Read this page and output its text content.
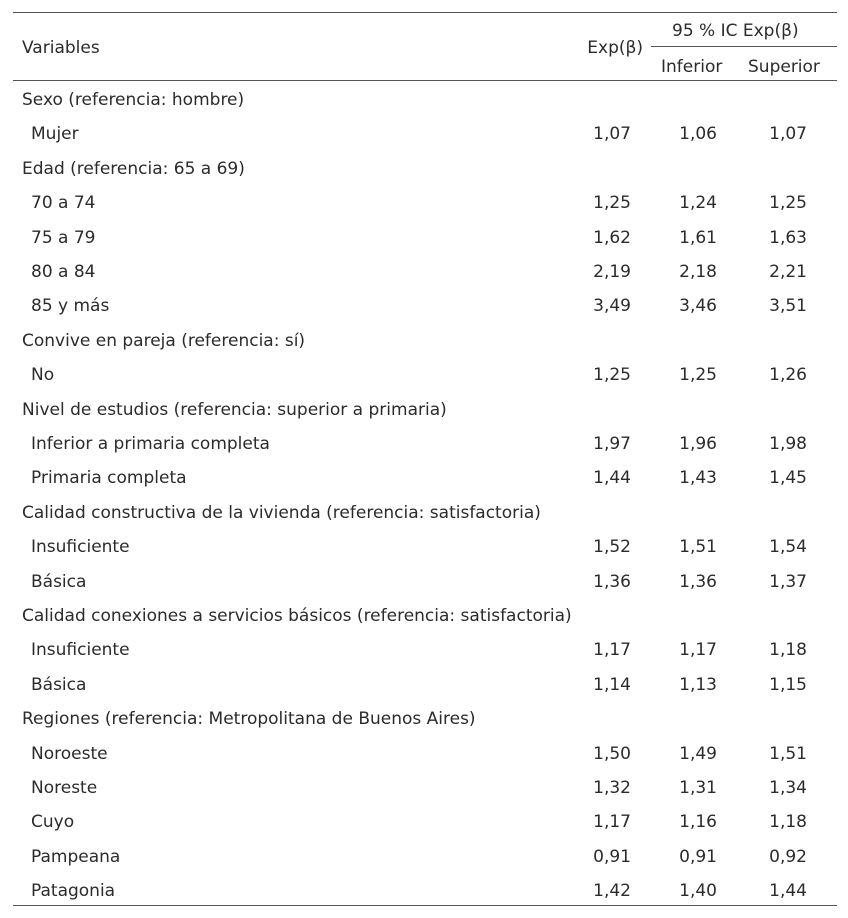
Variables	Exp(β)
95 % IC Exp(β)
Inferior Superior
Sexo (referencia: hombre)
Mujer	1,07	1,06	1,07
Edad (referencia: 65 a 69)
70 a 74	1,25	1,24	1,25
75 a 79	1,62	1,61	1,63
80 a 84	2,19	2,18	2,21
85 y más	3,49	3,46	3,51
Convive en pareja (referencia: sí)
No	1,25	1,25	1,26
Nivel de estudios (referencia: superior a primaria)
Inferior a primaria completa	1,97	1,96	1,98
Primaria completa	1,44	1,43	1,45
Calidad constructiva de la vivienda (referencia: satisfactoria)
Insuficiente	1,52	1,51	1,54
Básica	1,36	1,36	1,37
Calidad conexiones a servicios básicos (referencia: satisfactoria)
Insuficiente	1,17	1,17	1,18
Básica	1,14	1,13	1,15
Regiones (referencia: Metropolitana de Buenos Aires)
Noroeste	1,50	1,49	1,51
Noreste	1,32	1,31	1,34
Cuyo	1,17	1,16	1,18
Pampeana	0,91	0,91	0,92
Patagonia	1,42	1,40	1,44
